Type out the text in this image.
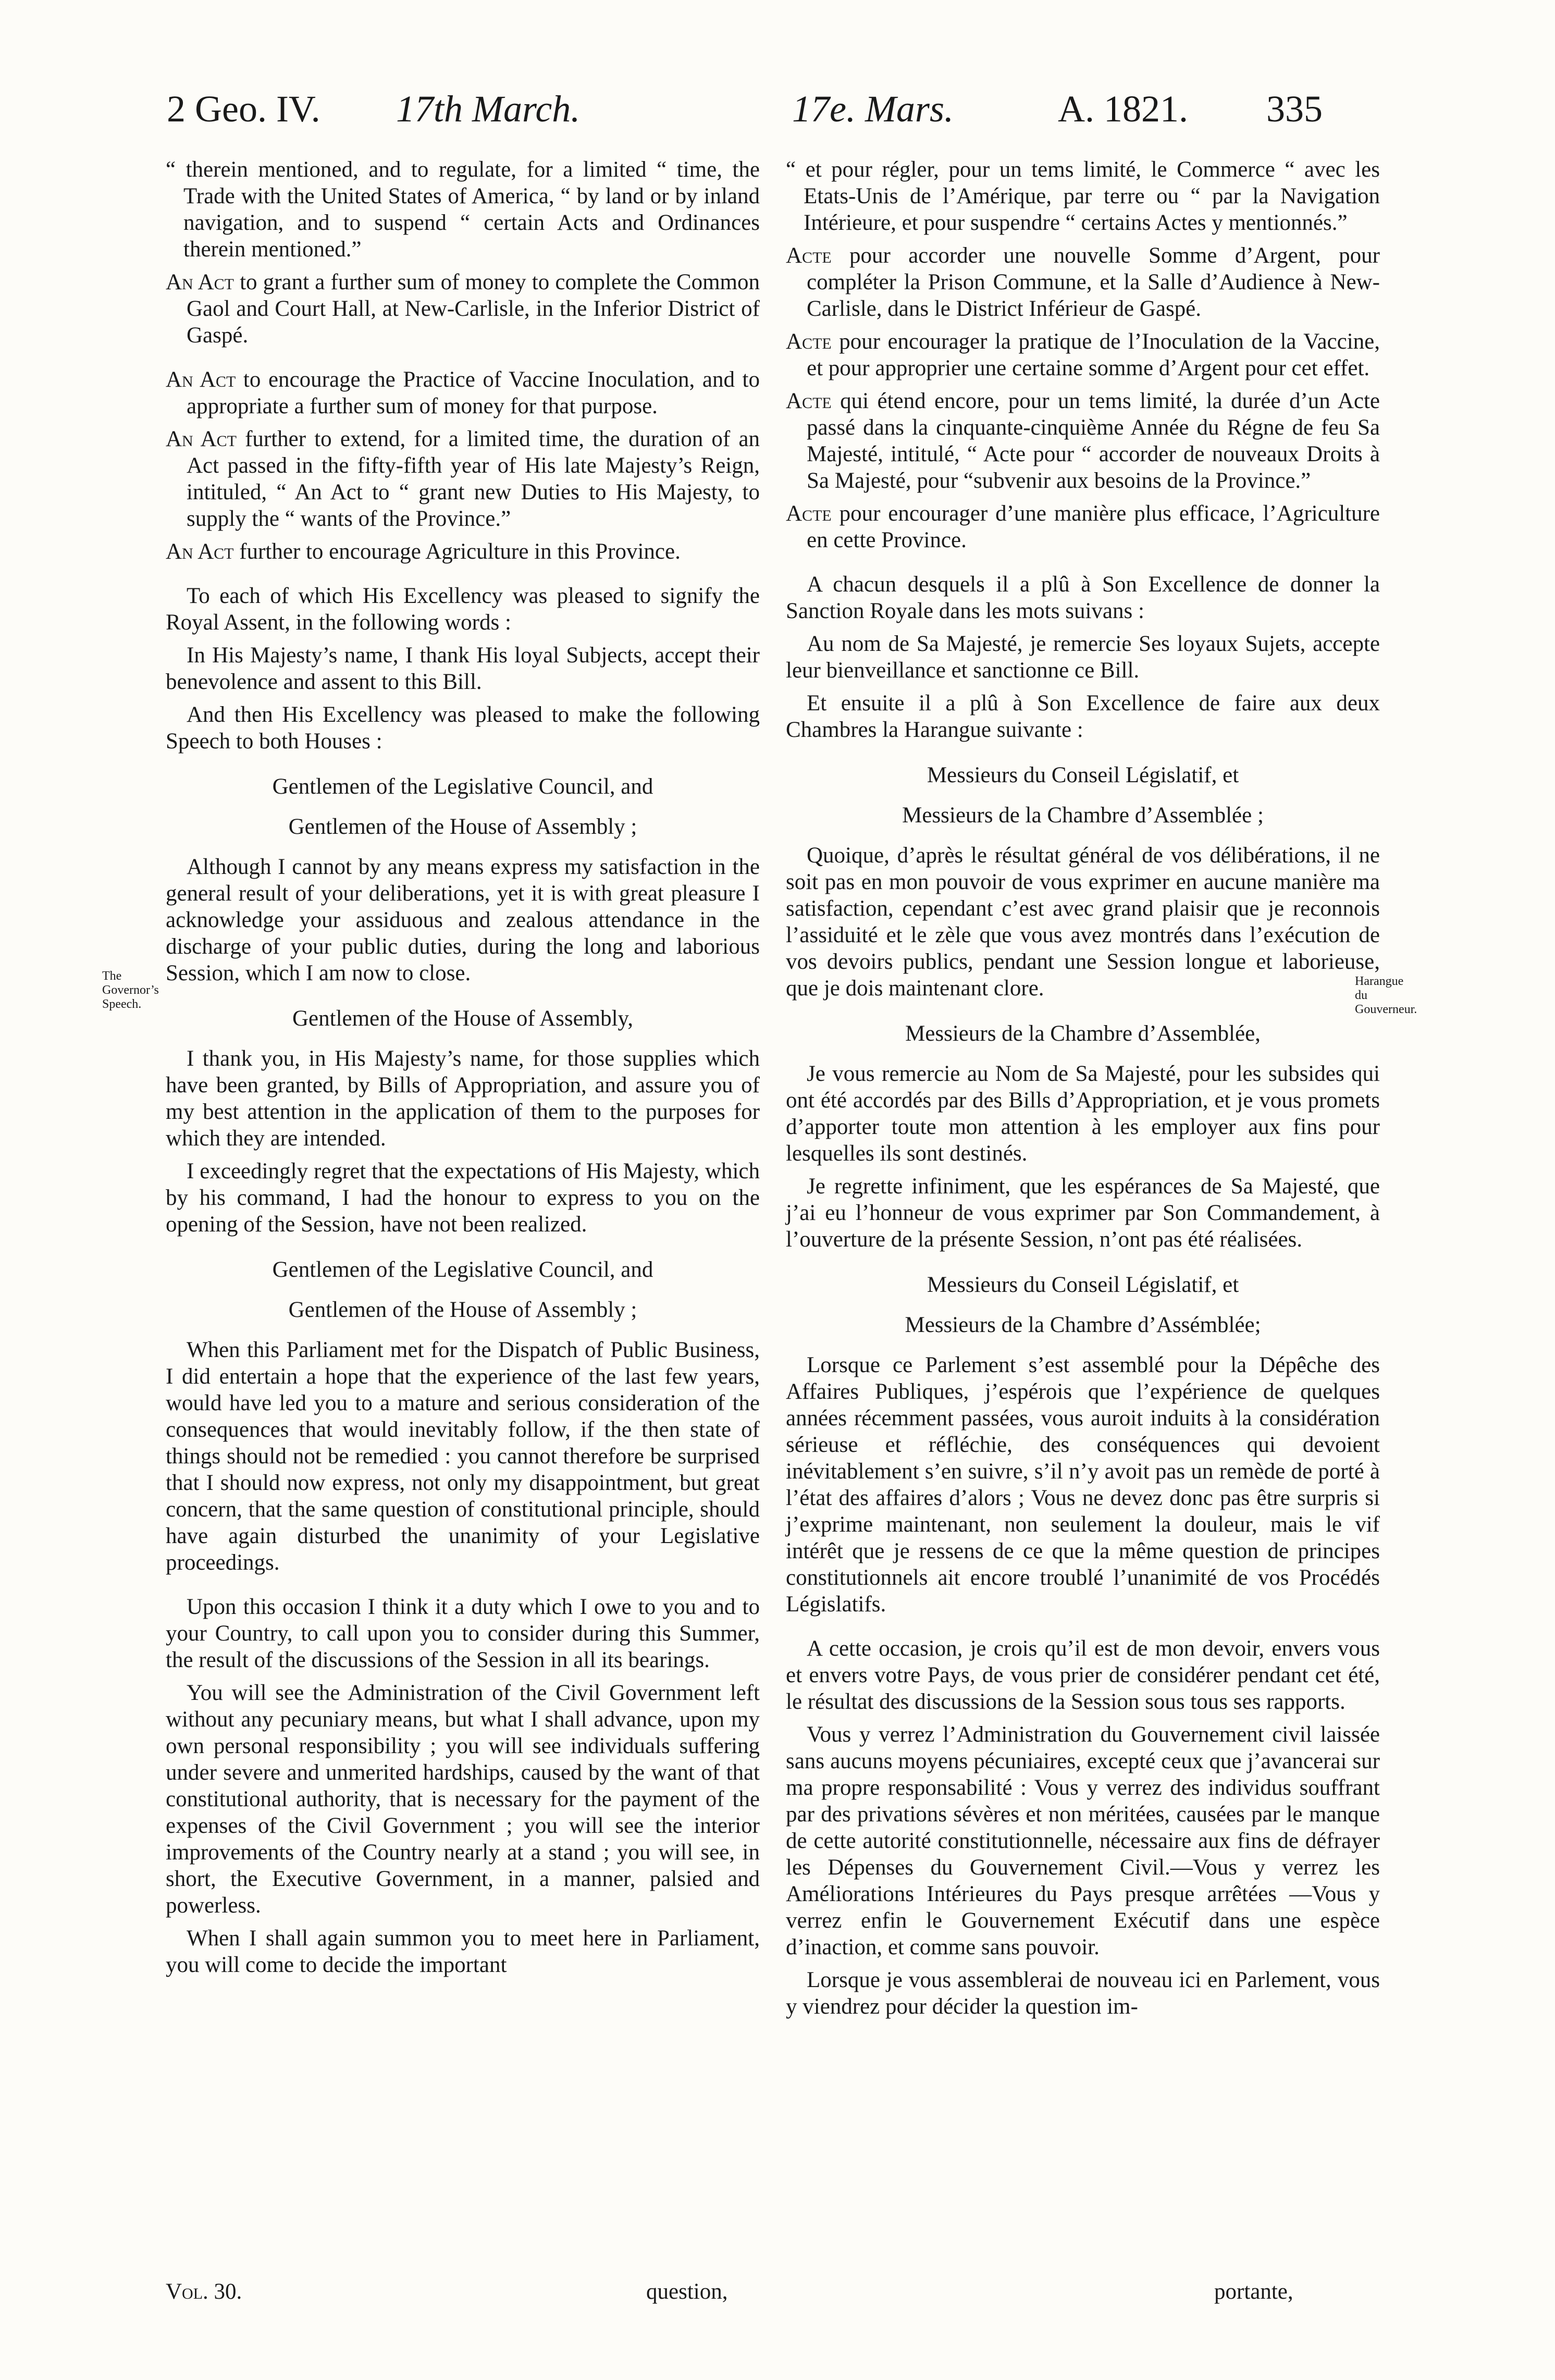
2 Geo. IV. 17th March.	17e. Mars.	A. 1821. 335
The Governor’s Speech.
Harangue du Gouverneur.

“ therein mentioned, and to regulate, for a limited “ time, the Trade with the United States of America, “ by land or by inland navigation, and to suspend “ certain Acts and Ordinances therein mentioned.”

An Act to grant a further sum of money to complete the Common Gaol and Court Hall, at New-Carlisle, in the Inferior District of Gaspé.

An Act to encourage the Practice of Vaccine Inoculation, and to appropriate a further sum of money for that purpose.

An Act further to extend, for a limited time, the duration of an Act passed in the fifty-fifth year of His late Majesty’s Reign, intituled, “ An Act to “ grant new Duties to His Majesty, to supply the “ wants of the Province.”

An Act further to encourage Agriculture in this Province.

To each of which His Excellency was pleased to signify the Royal Assent, in the following words :

In His Majesty’s name, I thank His loyal Subjects, accept their benevolence and assent to this Bill.

And then His Excellency was pleased to make the following Speech to both Houses :

Gentlemen of the Legislative Council, and
Gentlemen of the House of Assembly ;

Although I cannot by any means express my satisfaction in the general result of your deliberations, yet it is with great pleasure I acknowledge your assiduous and zealous attendance in the discharge of your public duties, during the long and laborious Session, which I am now to close.

Gentlemen of the House of Assembly,

I thank you, in His Majesty’s name, for those supplies which have been granted, by Bills of Appropriation, and assure you of my best attention in the application of them to the purposes for which they are intended.

I exceedingly regret that the expectations of His Majesty, which by his command, I had the honour to express to you on the opening of the Session, have not been realized.

Gentlemen of the Legislative Council, and
Gentlemen of the House of Assembly ;

When this Parliament met for the Dispatch of Public Business, I did entertain a hope that the experience of the last few years, would have led you to a mature and serious consideration of the consequences that would inevitably follow, if the then state of things should not be remedied : you cannot therefore be surprised that I should now express, not only my disappointment, but great concern, that the same question of constitutional principle, should have again disturbed the unanimity of your Legislative proceedings.

Upon this occasion I think it a duty which I owe to you and to your Country, to call upon you to consider during this Summer, the result of the discussions of the Session in all its bearings.

You will see the Administration of the Civil Government left without any pecuniary means, but what I shall advance, upon my own personal responsibility ; you will see individuals suffering under severe and unmerited hardships, caused by the want of that constitutional authority, that is necessary for the payment of the expenses of the Civil Government ; you will see the interior improvements of the Country nearly at a stand ; you will see, in short, the Executive Government, in a manner, palsied and powerless.

When I shall again summon you to meet here in Parliament, you will come to decide the important

“ et pour régler, pour un tems limité, le Commerce “ avec les Etats-Unis de l’Amérique, par terre ou “ par la Navigation Intérieure, et pour suspendre “ certains Actes y mentionnés.”

Acte pour accorder une nouvelle Somme d’Argent, pour compléter la Prison Commune, et la Salle d’Audience à New-Carlisle, dans le District Inférieur de Gaspé.

Acte pour encourager la pratique de l’Inoculation de la Vaccine, et pour approprier une certaine somme d’Argent pour cet effet.

Acte qui étend encore, pour un tems limité, la durée d’un Acte passé dans la cinquante-cinquième Année du Régne de feu Sa Majesté, intitulé, “ Acte pour “ accorder de nouveaux Droits à Sa Majesté, pour “subvenir aux besoins de la Province.”

Acte pour encourager d’une manière plus efficace, l’Agriculture en cette Province.

A chacun desquels il a plû à Son Excellence de donner la Sanction Royale dans les mots suivans :

Au nom de Sa Majesté, je remercie Ses loyaux Sujets, accepte leur bienveillance et sanctionne ce Bill.

Et ensuite il a plû à Son Excellence de faire aux deux Chambres la Harangue suivante :

Messieurs du Conseil Législatif, et
Messieurs de la Chambre d’Assemblée ;

Quoique, d’après le résultat général de vos délibérations, il ne soit pas en mon pouvoir de vous exprimer en aucune manière ma satisfaction, cependant c’est avec grand plaisir que je reconnois l’assiduité et le zèle que vous avez montrés dans l’exécution de vos devoirs publics, pendant une Session longue et laborieuse, que je dois maintenant clore.

Messieurs de la Chambre d’Assemblée,

Je vous remercie au Nom de Sa Majesté, pour les subsides qui ont été accordés par des Bills d’Appropriation, et je vous promets d’apporter toute mon attention à les employer aux fins pour lesquelles ils sont destinés.

Je regrette infiniment, que les espérances de Sa Majesté, que j’ai eu l’honneur de vous exprimer par Son Commandement, à l’ouverture de la présente Session, n’ont pas été réalisées.

Messieurs du Conseil Législatif, et
Messieurs de la Chambre d’Assémblée;

Lorsque ce Parlement s’est assemblé pour la Dépêche des Affaires Publiques, j’espérois que l’expérience de quelques années récemment passées, vous auroit induits à la considération sérieuse et réfléchie, des conséquences qui devoient inévitablement s’en suivre, s’il n’y avoit pas un remède de porté à l’état des affaires d’alors ; Vous ne devez donc pas être surpris si j’exprime maintenant, non seulement la douleur, mais le vif intérêt que je ressens de ce que la même question de principes constitutionnels ait encore troublé l’unanimité de vos Procédés Législatifs.

A cette occasion, je crois qu’il est de mon devoir, envers vous et envers votre Pays, de vous prier de considérer pendant cet été, le résultat des discussions de la Session sous tous ses rapports.

Vous y verrez l’Administration du Gouvernement civil laissée sans aucuns moyens pécuniaires, excepté ceux que j’avancerai sur ma propre responsabilité : Vous y verrez des individus souffrant par des privations sévères et non méritées, causées par le manque de cette autorité constitutionnelle, nécessaire aux fins de défrayer les Dépenses du Gouvernement Civil.—Vous y verrez les Améliorations Intérieures du Pays presque arrêtées —Vous y verrez enfin le Gouvernement Exécutif dans une espèce d’inaction, et comme sans pouvoir.

Lorsque je vous assemblerai de nouveau ici en Parlement, vous y viendrez pour décider la question im-

Vol. 30.	question,	portante,
